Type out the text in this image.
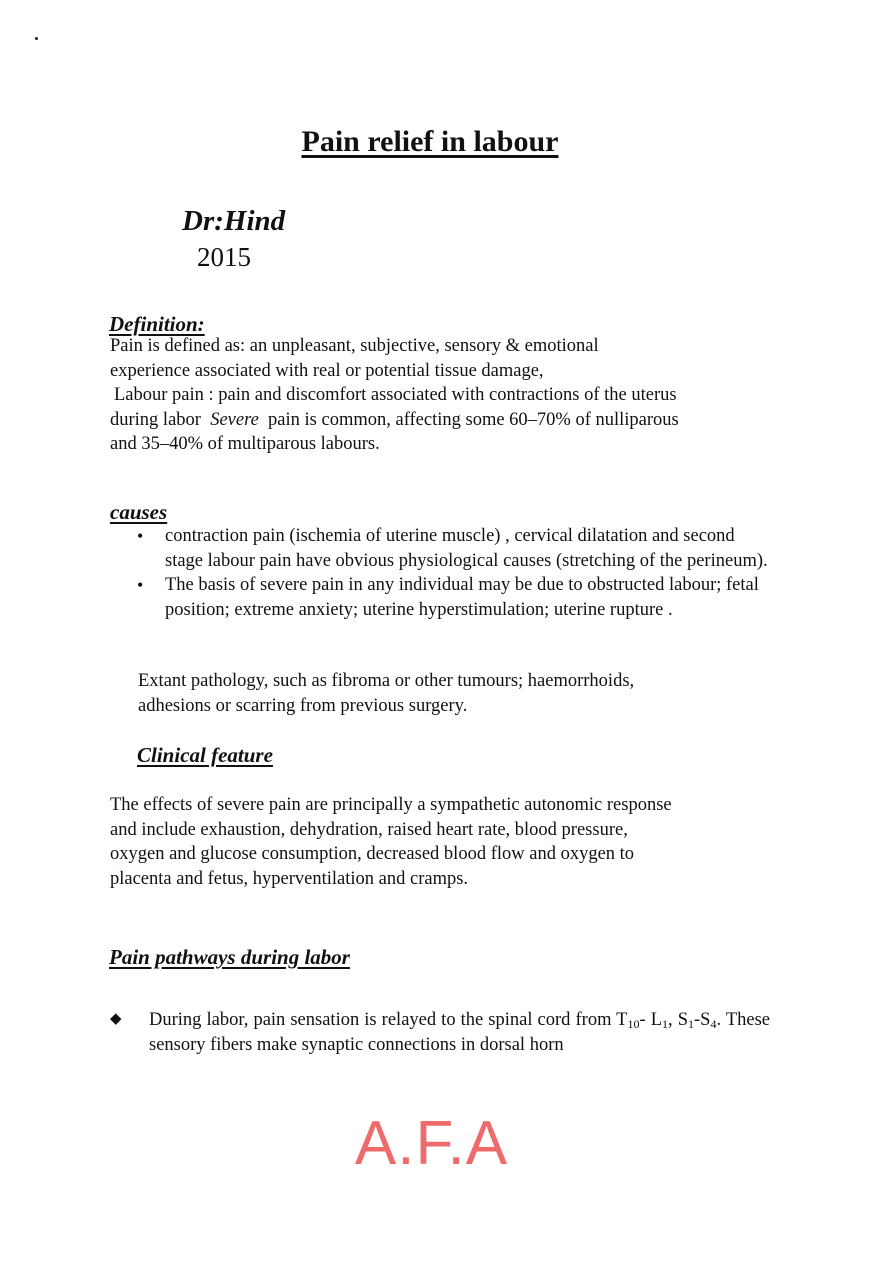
Pain relief in labour
Dr:Hind
2015
Definition:

Pain is defined as: an unpleasant, subjective, sensory & emotional

experience associated with real or potential tissue damage,

Labour pain : pain and discomfort associated with contractions of the uterus

during labor Severe pain is common, affecting some 60–70% of nulliparous

and 35–40% of multiparous labours.

causes
• contraction pain (ischemia of uterine muscle) , cervical dilatation and second stage labour pain have obvious physiological causes (stretching of the perineum).
• The basis of severe pain in any individual may be due to obstructed labour; fetal position; extreme anxiety; uterine hyperstimulation; uterine rupture .

Extant pathology, such as fibroma or other tumours; haemorrhoids,
adhesions or scarring from previous surgery.

Clinical feature
The effects of severe pain are principally a sympathetic autonomic response
and include exhaustion, dehydration, raised heart rate, blood pressure,
oxygen and glucose consumption, decreased blood flow and oxygen to
placenta and fetus, hyperventilation and cramps.
Pain pathways during labor
◆ During labor, pain sensation is relayed to the spinal cord from $T_{10}-$ $L_1$, $S_1-S_4$. These sensory fibers make synaptic connections in dorsal horn
A.F.A
